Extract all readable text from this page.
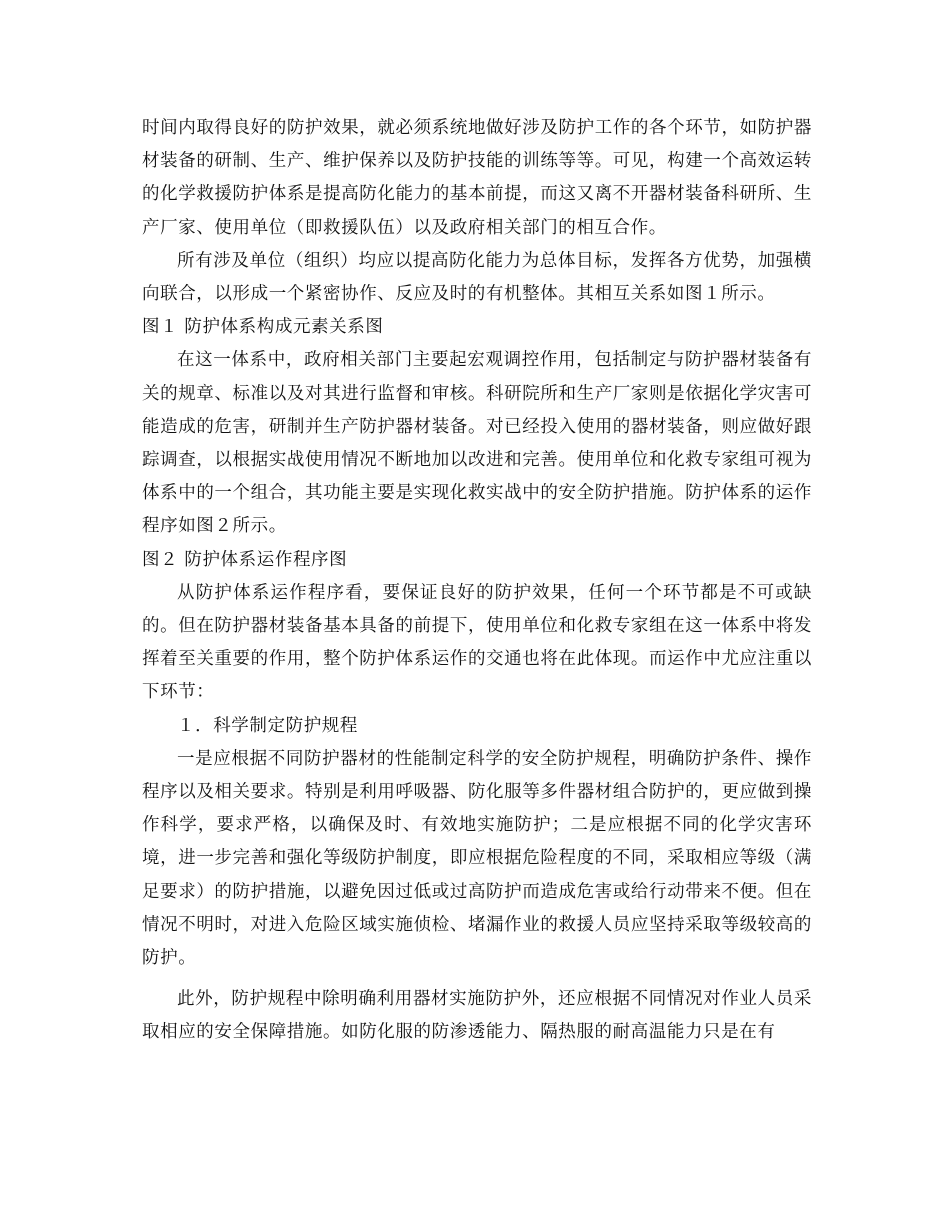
时间内取得良好的防护效果，就必须系统地做好涉及防护工作的各个环节，如防护器材装备的研制、生产、维护保养以及防护技能的训练等等。可见，构建一个高效运转的化学救援防护体系是提高防化能力的基本前提，而这又离不开器材装备科研所、生产厂家、使用单位（即救援队伍）以及政府相关部门的相互合作。

所有涉及单位（组织）均应以提高防化能力为总体目标，发挥各方优势，加强横向联合，以形成一个紧密协作、反应及时的有机整体。其相互关系如图１所示。

图１ 防护体系构成元素关系图

在这一体系中，政府相关部门主要起宏观调控作用，包括制定与防护器材装备有关的规章、标准以及对其进行监督和审核。科研院所和生产厂家则是依据化学灾害可能造成的危害，研制并生产防护器材装备。对已经投入使用的器材装备，则应做好跟踪调查，以根据实战使用情况不断地加以改进和完善。使用单位和化救专家组可视为体系中的一个组合，其功能主要是实现化救实战中的安全防护措施。防护体系的运作程序如图２所示。

图２ 防护体系运作程序图

从防护体系运作程序看，要保证良好的防护效果，任何一个环节都是不可或缺的。但在防护器材装备基本具备的前提下，使用单位和化救专家组在这一体系中将发挥着至关重要的作用，整个防护体系运作的交通也将在此体现。而运作中尤应注重以下环节：

１．科学制定防护规程

一是应根据不同防护器材的性能制定科学的安全防护规程，明确防护条件、操作程序以及相关要求。特别是利用呼吸器、防化服等多件器材组合防护的，更应做到操作科学，要求严格，以确保及时、有效地实施防护；二是应根据不同的化学灾害环境，进一步完善和强化等级防护制度，即应根据危险程度的不同，采取相应等级（满足要求）的防护措施，以避免因过低或过高防护而造成危害或给行动带来不便。但在情况不明时，对进入危险区域实施侦检、堵漏作业的救援人员应坚持采取等级较高的防护。

此外，防护规程中除明确利用器材实施防护外，还应根据不同情况对作业人员采取相应的安全保障措施。如防化服的防渗透能力、隔热服的耐高温能力只是在有
